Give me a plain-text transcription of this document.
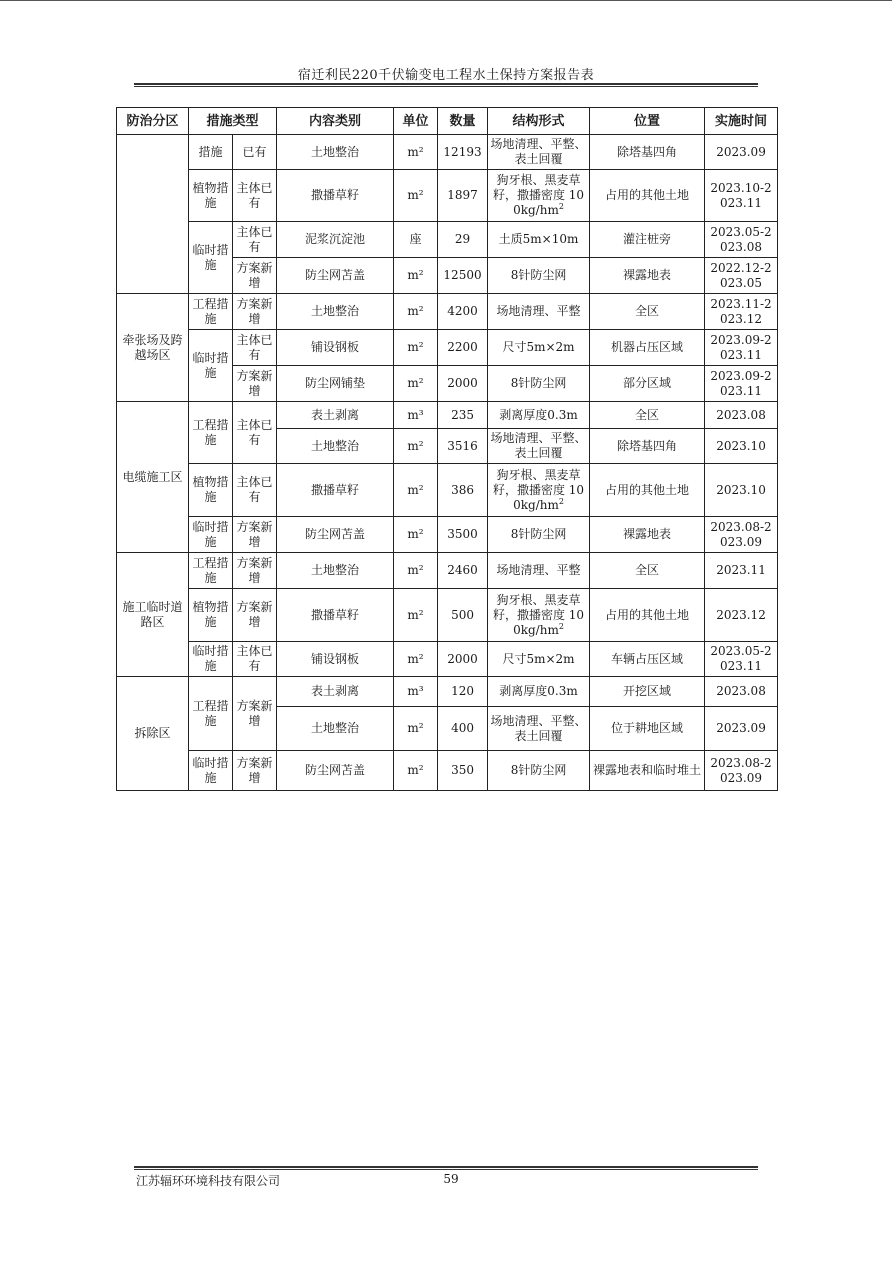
宿迁利民220千伏输变电工程水土保持方案报告表
防治分区	措施类型		内容类别	单位	数量	结构形式	位置	实施时间
	措施	已有	土地整治	m²	12193	场地清理、平整、表土回覆	除塔基四角	2023.09
	植物措施	主体已有	撒播草籽	m²	1897	狗牙根、黑麦草籽，撒播密度 $100kg/hm^2$	占用的其他土地	2023.10-2023.11
	临时措施	主体已有	泥浆沉淀池	座	29	土质5m×10m	灌注桩旁	2023.05-2023.08
		方案新增	防尘网苫盖	m²	12500	8针防尘网	裸露地表	2022.12-2023.05
牵张场及跨越场区	工程措施	方案新增	土地整治	m²	4200	场地清理、平整	全区	2023.11-2023.12
	临时措施	主体已有	铺设钢板	m²	2200	尺寸5m×2m	机器占压区域	2023.09-2023.11
		方案新增	防尘网铺垫	m²	2000	8针防尘网	部分区域	2023.09-2023.11
电缆施工区	工程措施	主体已有	表土剥离	m³	235	剥离厚度0.3m	全区	2023.08
			土地整治	m²	3516	场地清理、平整、表土回覆	除塔基四角	2023.10
	植物措施	主体已有	撒播草籽	m²	386	狗牙根、黑麦草籽，撒播密度 $100kg/hm^2$	占用的其他土地	2023.10
	临时措施	方案新增	防尘网苫盖	m²	3500	8针防尘网	裸露地表	2023.08-2023.09
施工临时道路区	工程措施	方案新增	土地整治	m²	2460	场地清理、平整	全区	2023.11
	植物措施	方案新增	撒播草籽	m²	500	狗牙根、黑麦草籽，撒播密度 $100kg/hm^2$	占用的其他土地	2023.12
	临时措施	主体已有	铺设钢板	m²	2000	尺寸5m×2m	车辆占压区域	2023.05-2023.11
拆除区	工程措施	方案新增	表土剥离	m³	120	剥离厚度0.3m	开挖区域	2023.08
			土地整治	m²	400	场地清理、平整、表土回覆	位于耕地区域	2023.09
	临时措施	方案新增	防尘网苫盖	m²	350	8针防尘网	裸露地表和临时堆土	2023.08-2023.09
江苏辐环环境科技有限公司	59
